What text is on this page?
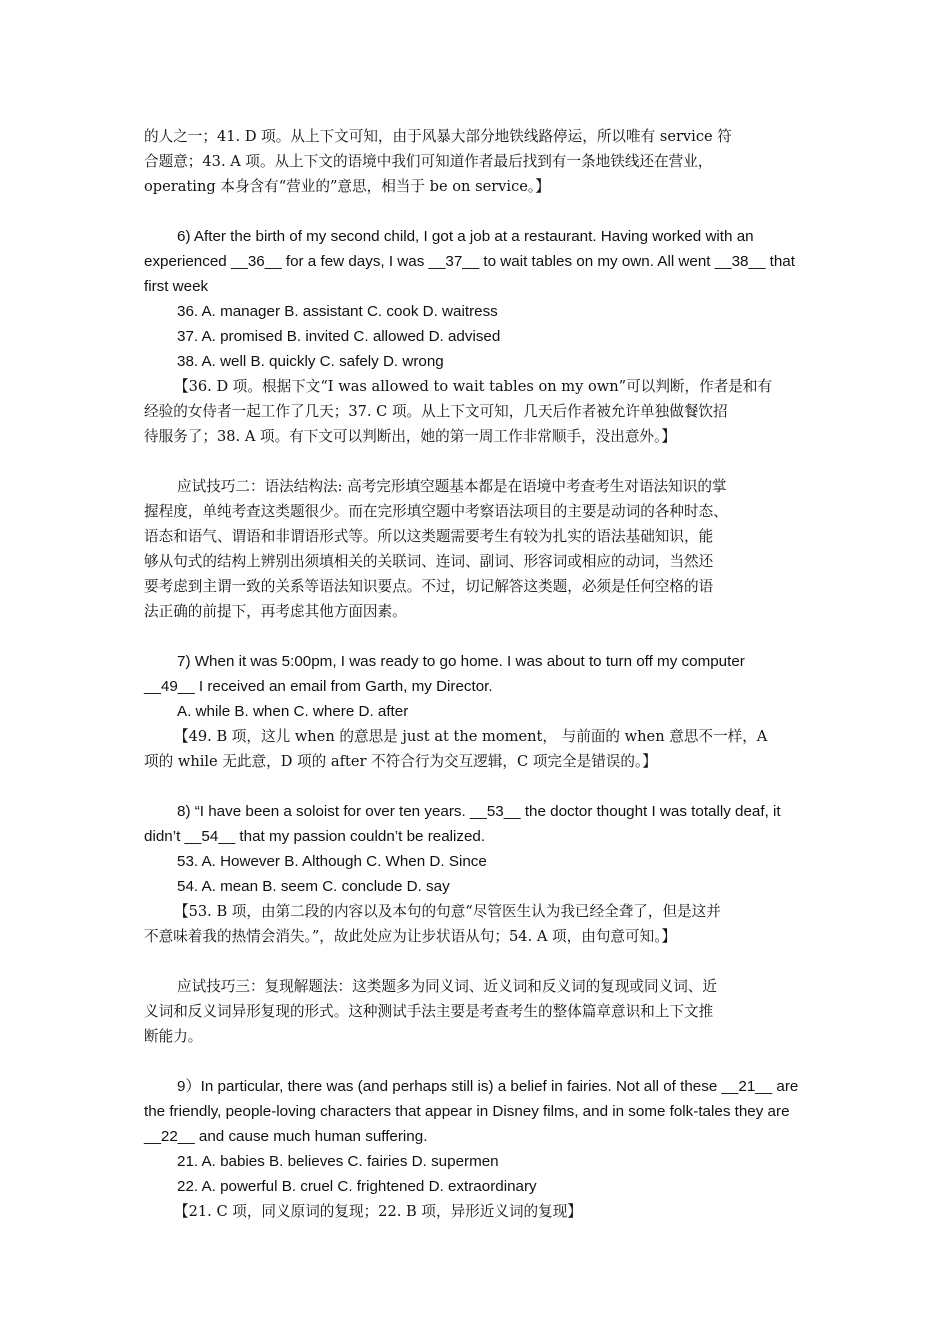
的人之一；41. D 项。从上下文可知，由于风暴大部分地铁线路停运，所以唯有 service 符
合题意；43. A 项。从上下文的语境中我们可知道作者最后找到有一条地铁线还在营业，
operating 本身含有“营业的”意思，相当于 be on service。】
6) After the birth of my second child, I got a job at a restaurant. Having worked with an
experienced __36__ for a few days, I was __37__ to wait tables on my own. All went __38__ that
first week
36. A. manager B. assistant C. cook D. waitress
37. A. promised B. invited C. allowed D. advised
38. A. well B. quickly C. safely D. wrong
【36. D 项。根据下文“I was allowed to wait tables on my own”可以判断，作者是和有
经验的女侍者一起工作了几天；37. C 项。从上下文可知，几天后作者被允许单独做餐饮招
待服务了；38. A 项。有下文可以判断出，她的第一周工作非常顺手，没出意外。】
应试技巧二：语法结构法: 高考完形填空题基本都是在语境中考查考生对语法知识的掌
握程度，单纯考查这类题很少。而在完形填空题中考察语法项目的主要是动词的各种时态、
语态和语气、谓语和非谓语形式等。所以这类题需要考生有较为扎实的语法基础知识，能
够从句式的结构上辨别出须填相关的关联词、连词、副词、形容词或相应的动词，当然还
要考虑到主谓一致的关系等语法知识要点。不过，切记解答这类题，必须是任何空格的语
法正确的前提下，再考虑其他方面因素。
7) When it was 5:00pm, I was ready to go home. I was about to turn off my computer
__49__ I received an email from Garth, my Director.
A. while B. when C. where D. after
【49. B 项，这儿 when 的意思是 just at the moment， 与前面的 when 意思不一样，A
项的 while 无此意，D 项的 after 不符合行为交互逻辑，C 项完全是错误的。】
8) “I have been a soloist for over ten years. __53__ the doctor thought I was totally deaf, it
didn’t __54__ that my passion couldn’t be realized.
53. A. However B. Although C. When D. Since
54. A. mean B. seem C. conclude D. say
【53. B 项，由第二段的内容以及本句的句意“尽管医生认为我已经全聋了，但是这并
不意味着我的热情会消失。”，故此处应为让步状语从句；54. A 项，由句意可知。】
应试技巧三：复现解题法：这类题多为同义词、近义词和反义词的复现或同义词、近
义词和反义词异形复现的形式。这种测试手法主要是考查考生的整体篇章意识和上下文推
断能力。
9）In particular, there was (and perhaps still is) a belief in fairies. Not all of these __21__ are
the friendly, people-loving characters that appear in Disney films, and in some folk-tales they are
__22__ and cause much human suffering.
21. A. babies B. believes C. fairies D. supermen
22. A. powerful B. cruel C. frightened D. extraordinary
【21. C 项，同义原词的复现；22. B 项，异形近义词的复现】
